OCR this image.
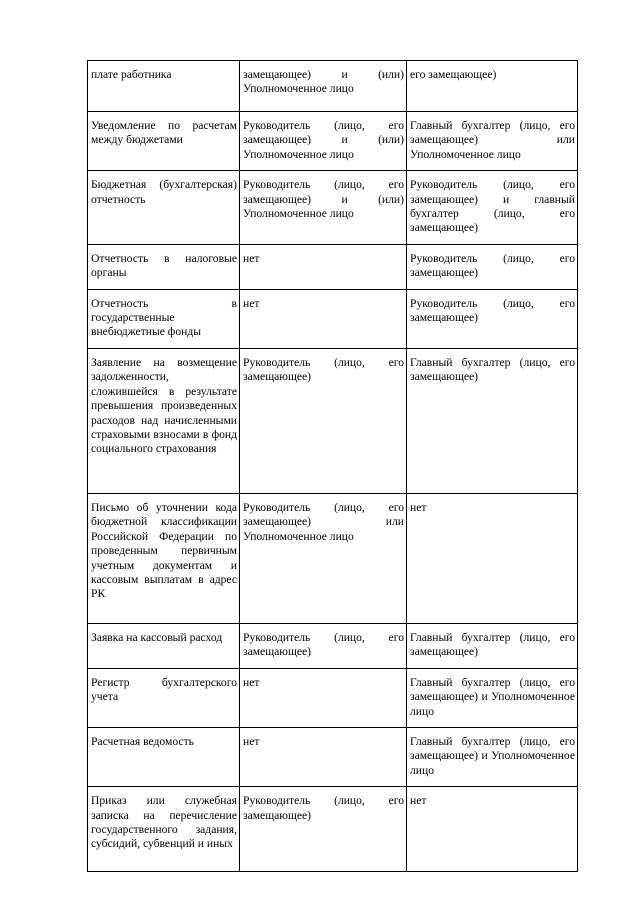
плате работника	замещающее) и (или) Уполномоченное лицо	его замещающее)
Уведомление по расчетам между бюджетами	Руководитель (лицо, его замещающее) и (или) Уполномоченное лицо	Главный бухгалтер (лицо, его замещающее) или Уполномоченное лицо
Бюджетная (бухгалтерская) отчетность	Руководитель (лицо, его замещающее) и (или) Уполномоченное лицо	Руководитель (лицо, его замещающее) и главный бухгалтер (лицо, его замещающее)
Отчетность в налоговые органы	нет	Руководитель (лицо, его замещающее)
Отчетность в государственные внебюджетные фонды	нет	Руководитель (лицо, его замещающее)
Заявление на возмещение задолженности, сложившейся в результате превышения произведенных расходов над начисленными страховыми взносами в фонд социального страхования	Руководитель (лицо, его замещающее)	Главный бухгалтер (лицо, его замещающее)
Письмо об уточнении кода бюджетной классификации Российской Федерации по проведенным первичным учетным документам и кассовым выплатам в адрес РК	Руководитель (лицо, его замещающее) или Уполномоченное лицо	нет
Заявка на кассовый расход	Руководитель (лицо, его замещающее)	Главный бухгалтер (лицо, его замещающее)
Регистр бухгалтерского учета	нет	Главный бухгалтер (лицо, его замещающее) и Уполномоченное лицо
Расчетная ведомость	нет	Главный бухгалтер (лицо, его замещающее) и Уполномоченное лицо
Приказ или служебная записка на перечисление государственного задания, субсидий, субвенций и иных	Руководитель (лицо, его замещающее)	нет
